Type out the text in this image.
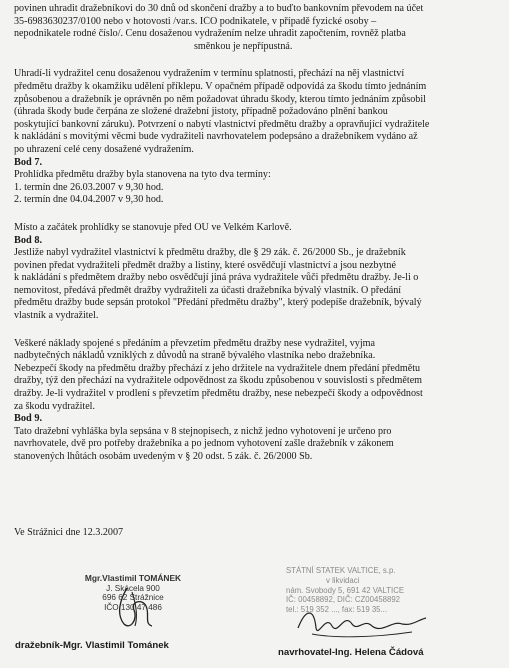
povinen uhradit dražebníkovi do 30 dnů od skončení dražby a to buďto bankovním převodem na účet
35-6983630237/0100 nebo v hotovosti /var.s. IČO podnikatele, v případě fyzické osoby –
nepodnikatele rodné číslo/. Cenu dosaženou vydražením nelze uhradit započtením, rovněž platba
směnkou je nepřípustná.
Uhradí-li vydražitel cenu dosaženou vydražením v termínu splatnosti, přechází na něj vlastnictví
předmětu dražby k okamžiku udělení příklepu. V opačném případě odpovídá za škodu tímto jednáním
způsobenou a dražebník je oprávněn po něm požadovat úhradu škody, kterou tímto jednáním způsobil
(úhrada škody bude čerpána ze složené dražební jistoty, případně požadováno plnění bankou
poskytující bankovní záruku). Potvrzení o nabytí vlastnictví předmětu dražby a opravňující vydražitele
k nakládání s movitými věcmi bude vydražiteli navrhovatelem podepsáno a dražebníkem vydáno až
po uhrazení celé ceny dosažené vydražením.
Bod 7.
Prohlídka předmětu dražby byla stanovena na tyto dva termíny:
1. termín dne 26.03.2007 v 9,30 hod.
2. termín dne 04.04.2007 v 9,30 hod.
Místo a začátek prohlídky se stanovuje před OÚ ve Velkém Karlově.
Bod 8.
Jestliže nabyl vydražitel vlastnictví k předmětu dražby, dle § 29 zák. č. 26/2000 Sb., je dražebník
povinen předat vydražiteli předmět dražby a listiny, které osvědčují vlastnictví a jsou nezbytné
k nakládání s předmětem dražby nebo osvědčují jiná práva vydražitele vůči předmětu dražby. Je-li o
nemovitost, předává předmět dražby vydražiteli za účasti dražebníka bývalý vlastník. O předání
předmětu dražby bude sepsán protokol "Předání předmětu dražby", který podepíše dražebník, bývalý
vlastník a vydražitel.
Veškeré náklady spojené s předáním a převzetím předmětu dražby nese vydražitel, vyjma
nadbytečných nákladů vzniklých z důvodů na straně bývalého vlastníka nebo dražebníka.
Nebezpečí škody na předmětu dražby přechází z jeho držitele na vydražitele dnem předání předmětu
dražby, týž den přechází na vydražitele odpovědnost za škodu způsobenou v souvislosti s předmětem
dražby. Je-li vydražitel v prodlení s převzetím předmětu dražby, nese nebezpečí škody a odpovědnost
za škodu vydražitel.
Bod 9.
Tato dražební vyhláška byla sepsána v 8 stejnopisech, z nichž jedno vyhotovení je určeno pro
navrhovatele, dvě pro potřeby dražebníka a po jednom vyhotovení zašle dražebník v zákonem
stanovených lhůtách osobám uvedeným v § 20 odst. 5 zák. č. 26/2000 Sb.
Ve Strážnici dne 12.3.2007
Mgr.Vlastimil TOMÁNEK
J. Skácela 900
696 62 Strážnice
IČO 130 47 486
dražebník-Mgr. Vlastimil Tománek
STÁTNÍ STATEK VALTICE, s.p.
v likvidaci
nám. Svobody 5, 691 42 VALTICE
IČ: 00458892, DIČ: CZ00458892
tel.: 519 352 ..., fax: 519 35...
navrhovatel-Ing. Helena Čádová
